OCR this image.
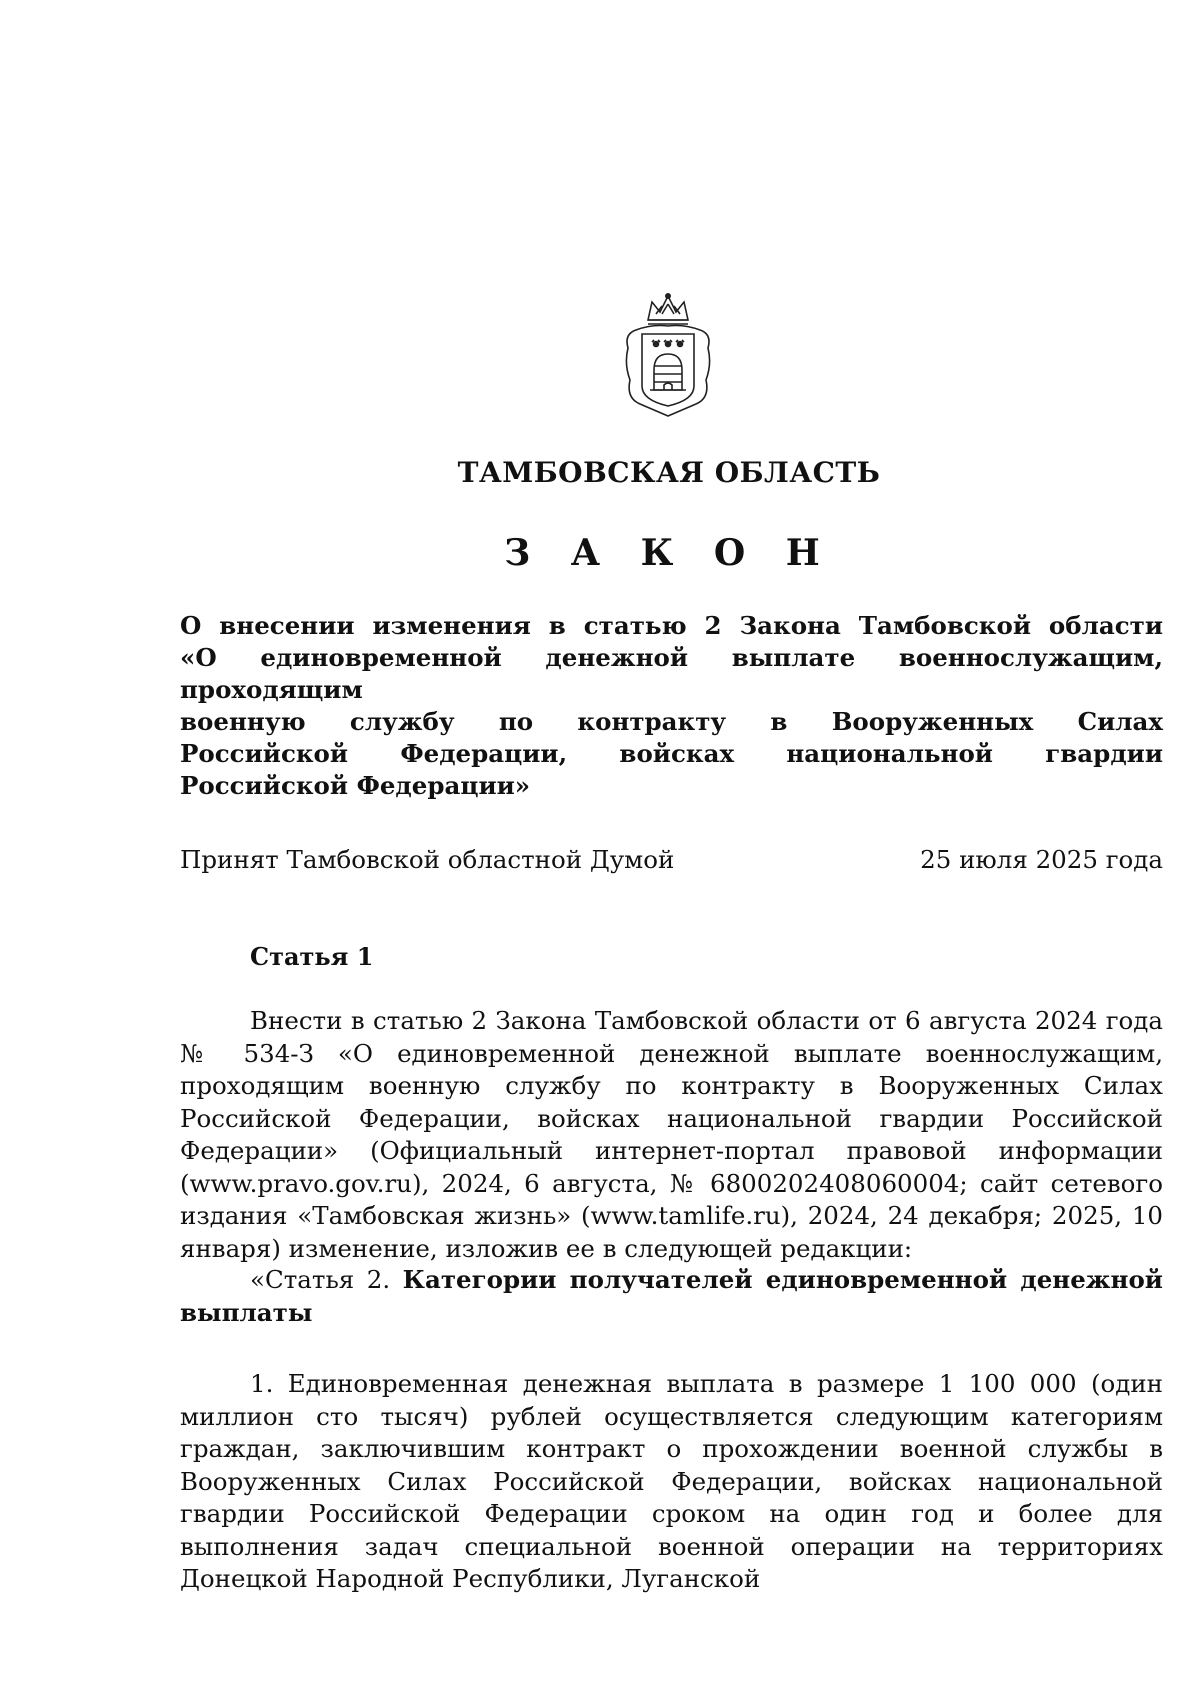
ТАМБОВСКАЯ ОБЛАСТЬ
З А К О Н
О внесении изменения в статью 2 Закона Тамбовской области
«О единовременной денежной выплате военнослужащим, проходящим
военную службу по контракту в Вооруженных Силах
Российской Федерации, войсках национальной гвардии
Российской Федерации»
Принят Тамбовской областной Думой	25 июля 2025 года
Статья 1

Внести в статью 2 Закона Тамбовской области от 6 августа 2024 года № 534-З «О единовременной денежной выплате военнослужащим, проходящим военную службу по контракту в Вооруженных Силах Российской Федерации, войсках национальной гвардии Российской Федерации» (Официальный интернет-портал правовой информации (www.pravo.gov.ru), 2024, 6 августа, № 6800202408060004; сайт сетевого издания «Тамбовская жизнь» (www.tamlife.ru), 2024, 24 декабря; 2025, 10 января) изменение, изложив ее в следующей редакции:

«Статья 2. Категории получателей единовременной денежной выплаты

1. Единовременная денежная выплата в размере 1 100 000 (один миллион сто тысяч) рублей осуществляется следующим категориям граждан, заключившим контракт о прохождении военной службы в Вооруженных Силах Российской Федерации, войсках национальной гвардии Российской Федерации сроком на один год и более для выполнения задач специальной военной операции на территориях Донецкой Народной Республики, Луганской
